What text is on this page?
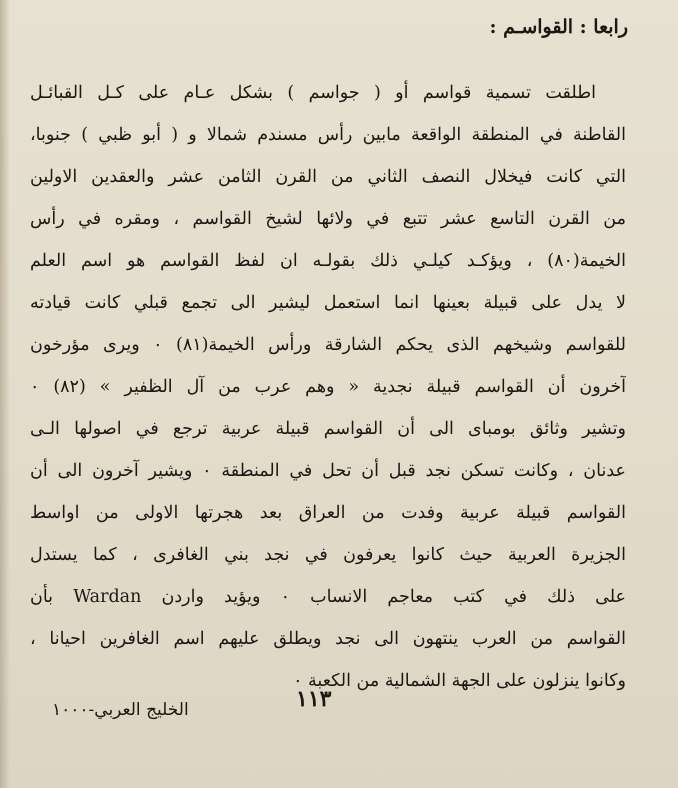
رابعا : القواسـم :
اطلقت تسمية قواسم أو ( جواسم ) بشكل عـام على كـل القبائـل
القاطنة في المنطقة الواقعة مابين رأس مسندم شمالا و ( أبو ظبي ) جنوبا،
التي كانت فيخلال النصف الثاني من القرن الثامن عشر والعقدين الاولين
من القرن التاسع عشر تتبع في ولائها لشيخ القواسم ، ومقره في رأس
الخيمة(٨٠) ، ويؤكـد كيلـي ذلك بقولـه ان لفظ القواسم هو اسم العلم
لا يدل على قبيلة بعينها انما استعمل ليشير الى تجمع قبلي كانت قيادته
للقواسم وشيخهم الذى يحكم الشارقة ورأس الخيمة(٨١) ٠ ويرى مؤرخون
آخرون أن القواسم قبيلة نجدية « وهم عرب من آل الظفير » (٨٢) ٠
وتشير وثائق بومباى الى أن القواسم قبيلة عربية ترجع في اصولها الـى
عدنان ، وكانت تسكن نجد قبل أن تحل في المنطقة ٠ ويشير آخرون الى أن
القواسم قبيلة عربية وفدت من العراق بعد هجرتها الاولى من اواسط
الجزيرة العربية حيث كانوا يعرفون في نجد بني الغافرى ، كما يستدل
على ذلك في كتب معاجم الانساب ٠ ويؤيد واردن Wardan بأن
القواسم من العرب ينتهون الى نجد ويطلق عليهم اسم الغافرين احيانا ،
وكانوا ينزلون على الجهة الشمالية من الكعبة ٠
١١٣
الخليج العربي-١٠٠٠
